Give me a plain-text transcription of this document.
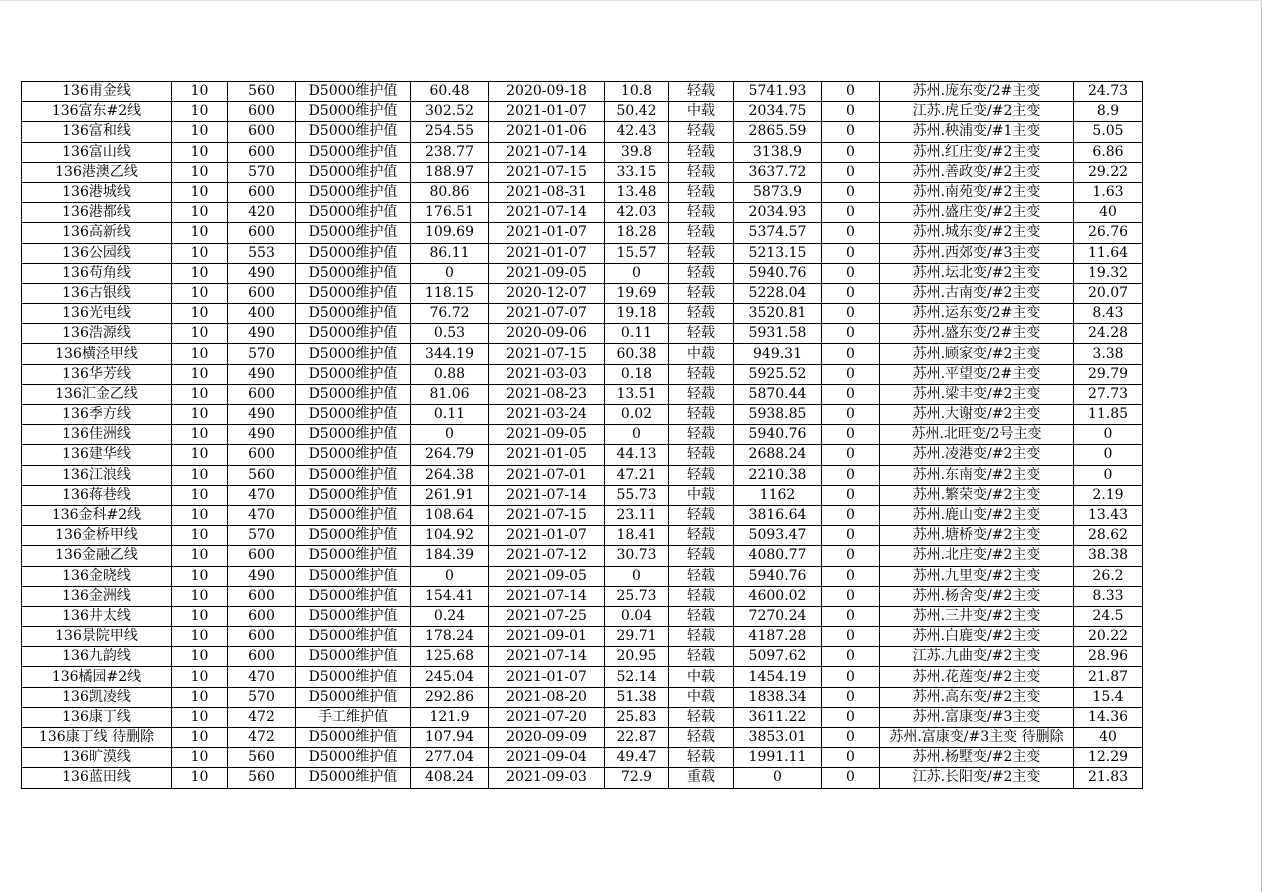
136甫金线	10	560	D5000维护值	60.48	2020-09-18	10.8	轻载	5741.93	0	苏州.庞东变/2#主变	24.73
136富东#2线	10	600	D5000维护值	302.52	2021-01-07	50.42	中载	2034.75	0	江苏.虎丘变/#2主变	8.9
136富和线	10	600	D5000维护值	254.55	2021-01-06	42.43	轻载	2865.59	0	苏州.秧浦变/#1主变	5.05
136富山线	10	600	D5000维护值	238.77	2021-07-14	39.8	轻载	3138.9	0	苏州.红庄变/#2主变	6.86
136港澳乙线	10	570	D5000维护值	188.97	2021-07-15	33.15	轻载	3637.72	0	苏州.善政变/#2主变	29.22
136港城线	10	600	D5000维护值	80.86	2021-08-31	13.48	轻载	5873.9	0	苏州.南苑变/#2主变	1.63
136港都线	10	420	D5000维护值	176.51	2021-07-14	42.03	轻载	2034.93	0	苏州.盛庄变/#2主变	40
136高新线	10	600	D5000维护值	109.69	2021-01-07	18.28	轻载	5374.57	0	苏州.城东变/#2主变	26.76
136公园线	10	553	D5000维护值	86.11	2021-01-07	15.57	轻载	5213.15	0	苏州.西郊变/#3主变	11.64
136苟角线	10	490	D5000维护值	0	2021-09-05	0	轻载	5940.76	0	苏州.坛北变/#2主变	19.32
136古银线	10	600	D5000维护值	118.15	2020-12-07	19.69	轻载	5228.04	0	苏州.古南变/#2主变	20.07
136光电线	10	400	D5000维护值	76.72	2021-07-07	19.18	轻载	3520.81	0	苏州.运东变/2#主变	8.43
136浩源线	10	490	D5000维护值	0.53	2020-09-06	0.11	轻载	5931.58	0	苏州.盛东变/2#主变	24.28
136横泾甲线	10	570	D5000维护值	344.19	2021-07-15	60.38	中载	949.31	0	苏州.顾家变/#2主变	3.38
136华芳线	10	490	D5000维护值	0.88	2021-03-03	0.18	轻载	5925.52	0	苏州.平望变/2#主变	29.79
136汇金乙线	10	600	D5000维护值	81.06	2021-08-23	13.51	轻载	5870.44	0	苏州.梁丰变/#2主变	27.73
136季方线	10	490	D5000维护值	0.11	2021-03-24	0.02	轻载	5938.85	0	苏州.大谢变/#2主变	11.85
136佳洲线	10	490	D5000维护值	0	2021-09-05	0	轻载	5940.76	0	苏州.北旺变/2号主变	0
136建华线	10	600	D5000维护值	264.79	2021-01-05	44.13	轻载	2688.24	0	苏州.凌港变/#2主变	0
136江浪线	10	560	D5000维护值	264.38	2021-07-01	47.21	轻载	2210.38	0	苏州.东南变/#2主变	0
136蒋巷线	10	470	D5000维护值	261.91	2021-07-14	55.73	中载	1162	0	苏州.繁荣变/#2主变	2.19
136金科#2线	10	470	D5000维护值	108.64	2021-07-15	23.11	轻载	3816.64	0	苏州.鹿山变/#2主变	13.43
136金桥甲线	10	570	D5000维护值	104.92	2021-01-07	18.41	轻载	5093.47	0	苏州.塘桥变/#2主变	28.62
136金融乙线	10	600	D5000维护值	184.39	2021-07-12	30.73	轻载	4080.77	0	苏州.北庄变/#2主变	38.38
136金晓线	10	490	D5000维护值	0	2021-09-05	0	轻载	5940.76	0	苏州.九里变/#2主变	26.2
136金洲线	10	600	D5000维护值	154.41	2021-07-14	25.73	轻载	4600.02	0	苏州.杨舍变/#2主变	8.33
136井太线	10	600	D5000维护值	0.24	2021-07-25	0.04	轻载	7270.24	0	苏州.三井变/#2主变	24.5
136景院甲线	10	600	D5000维护值	178.24	2021-09-01	29.71	轻载	4187.28	0	苏州.白鹿变/#2主变	20.22
136九韵线	10	600	D5000维护值	125.68	2021-07-14	20.95	轻载	5097.62	0	江苏.九曲变/#2主变	28.96
136橘园#2线	10	470	D5000维护值	245.04	2021-01-07	52.14	中载	1454.19	0	苏州.花莲变/#2主变	21.87
136凯凌线	10	570	D5000维护值	292.86	2021-08-20	51.38	中载	1838.34	0	苏州.高东变/#2主变	15.4
136康丁线	10	472	手工维护值	121.9	2021-07-20	25.83	轻载	3611.22	0	苏州.富康变/#3主变	14.36
136康丁线 待删除	10	472	D5000维护值	107.94	2020-09-09	22.87	轻载	3853.01	0	苏州.富康变/#3主变 待删除	40
136旷漠线	10	560	D5000维护值	277.04	2021-09-04	49.47	轻载	1991.11	0	苏州.杨墅变/#2主变	12.29
136蓝田线	10	560	D5000维护值	408.24	2021-09-03	72.9	重载	0	0	江苏.长阳变/#2主变	21.83
